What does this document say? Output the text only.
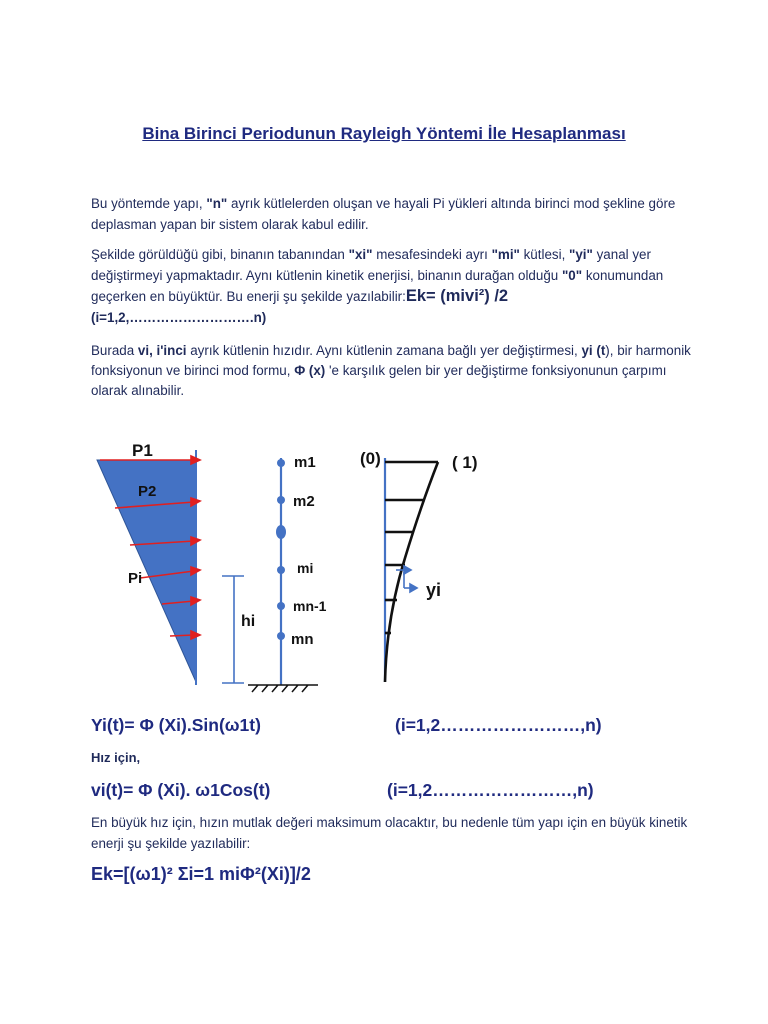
Bina Birinci Periodunun Rayleigh Yöntemi İle Hesaplanması
Bu yöntemde yapı, "n" ayrık kütlelerden oluşan ve hayali Pi yükleri altında birinci mod şekline göre deplasman yapan bir sistem olarak kabul edilir.
Şekilde görüldüğü gibi, binanın tabanından "xi" mesafesindeki ayrı "mi" kütlesi, "yi" yanal yer değiştirmeyi yapmaktadır. Aynı kütlenin kinetik enerjisi, binanın durağan olduğu "0" konumundan geçerken en büyüktür. Bu enerji şu şekilde yazılabilir:Ek= (mivi²) /2
(i=1,2,……………………….n)
Burada vi, i'inci ayrık kütlenin hızıdır. Aynı kütlenin zamana bağlı yer değiştirmesi, yi (t), bir harmonik fonksiyonun ve birinci mod formu, Φ (x) 'e karşılık gelen bir yer değiştirme fonksiyonunun çarpımı olarak alınabilir.
P1
P2
Pi
hi
m1
m2
mi
mn-1
mn
(0)	( 1)
yi
Yi(t)= Φ (Xi).Sin(ω1t)	(i=1,2……………………,n)
Hız için,
vi(t)= Φ (Xi). ω1Cos(t)	(i=1,2……………………,n)
En büyük hız için, hızın mutlak değeri maksimum olacaktır, bu nedenle tüm yapı için en büyük kinetik enerji şu şekilde yazılabilir:
Ek=[(ω1)² Σi=1 miΦ²(Xi)]/2
